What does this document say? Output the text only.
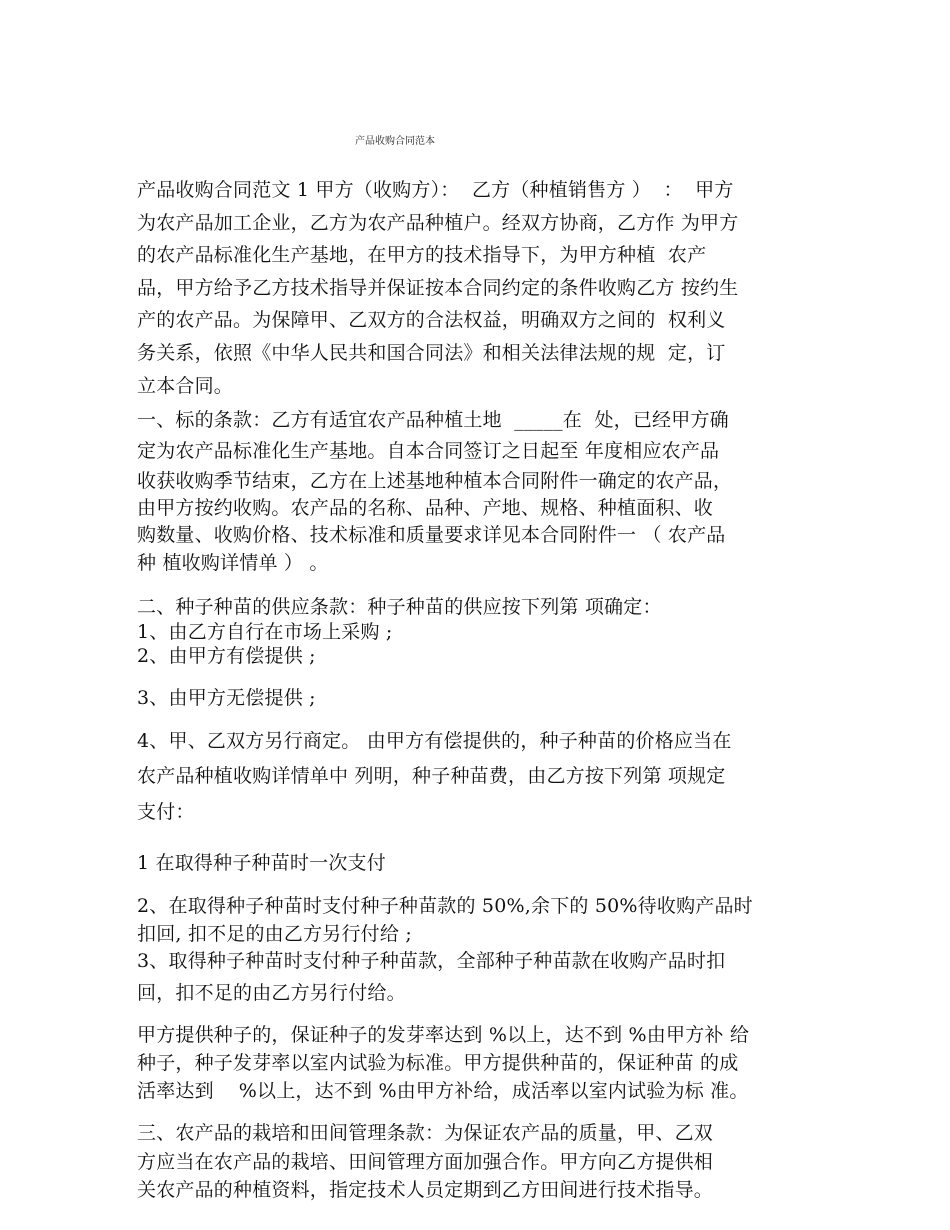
产品收购合同范本
产品收购合同范文 1 甲方（收购方）：  乙方（种植销售方 ）  ：  甲方
为农产品加工企业，乙方为农产品种植户。经双方协商，乙方作 为甲方
的农产品标准化生产基地，在甲方的技术指导下，为甲方种植  农产
品，甲方给予乙方技术指导并保证按本合同约定的条件收购乙方 按约生
产的农产品。为保障甲、乙双方的合法权益，明确双方之间的  权利义
务关系，依照《中华人民共和国合同法》和相关法律法规的规  定，订
立本合同。
一、标的条款：乙方有适宜农产品种植土地  _____在  处，已经甲方确
定为农产品标准化生产基地。自本合同签订之日起至 年度相应农产品
收获收购季节结束，乙方在上述基地种植本合同附件一确定的农产品，
由甲方按约收购。农产品的名称、品种、产地、规格、种植面积、收
购数量、收购价格、技术标准和质量要求详见本合同附件一 （ 农产品
种 植收购详情单 ） 。
二、种子种苗的供应条款：种子种苗的供应按下列第 项确定：
1、由乙方自行在市场上采购 ;
2、由甲方有偿提供 ;
3、由甲方无偿提供 ;
4、甲、乙双方另行商定。 由甲方有偿提供的，种子种苗的价格应当在
农产品种植收购详情单中 列明，种子种苗费，由乙方按下列第 项规定
支付：
1 在取得种子种苗时一次支付
2、在取得种子种苗时支付种子种苗款的 50%,余下的 50%待收购产品时
扣回, 扣不足的由乙方另行付给 ;
3、取得种子种苗时支付种子种苗款，全部种子种苗款在收购产品时扣
回，扣不足的由乙方另行付给。
甲方提供种子的，保证种子的发芽率达到 %以上，达不到 %由甲方补 给
种子，种子发芽率以室内试验为标准。甲方提供种苗的，保证种苗 的成
活率达到    %以上，达不到 %由甲方补给，成活率以室内试验为标 准。
三、农产品的栽培和田间管理条款：为保证农产品的质量，甲、乙双
方应当在农产品的栽培、田间管理方面加强合作。甲方向乙方提供相
关农产品的种植资料，指定技术人员定期到乙方田间进行技术指导。
